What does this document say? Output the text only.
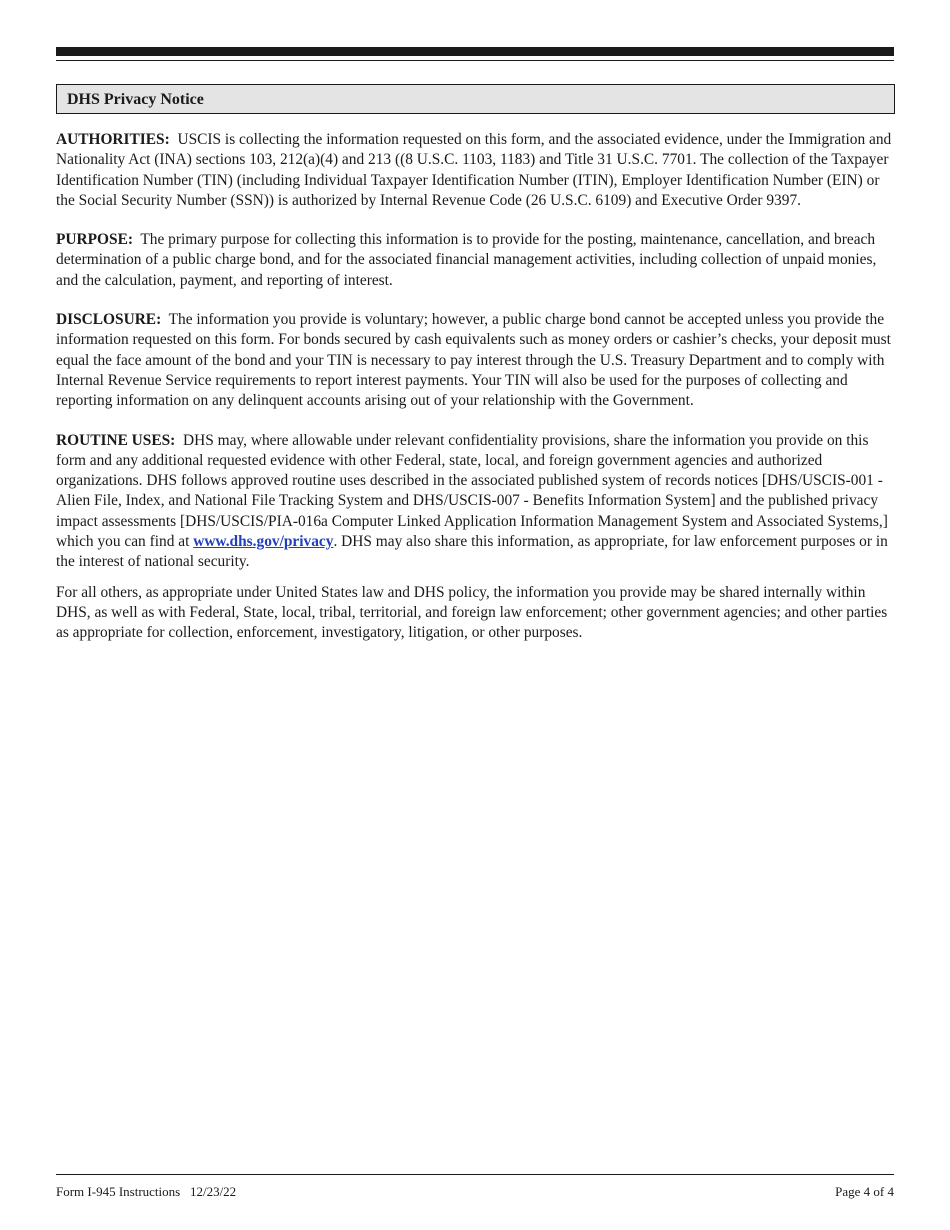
DHS Privacy Notice

AUTHORITIES: USCIS is collecting the information requested on this form, and the associated evidence, under the Immigration and Nationality Act (INA) sections 103, 212(a)(4) and 213 ((8 U.S.C. 1103, 1183) and Title 31 U.S.C. 7701. The collection of the Taxpayer Identification Number (TIN) (including Individual Taxpayer Identification Number (ITIN), Employer Identification Number (EIN) or the Social Security Number (SSN)) is authorized by Internal Revenue Code (26 U.S.C. 6109) and Executive Order 9397.

PURPOSE: The primary purpose for collecting this information is to provide for the posting, maintenance, cancellation, and breach determination of a public charge bond, and for the associated financial management activities, including collection of unpaid monies, and the calculation, payment, and reporting of interest.

DISCLOSURE: The information you provide is voluntary; however, a public charge bond cannot be accepted unless you provide the information requested on this form. For bonds secured by cash equivalents such as money orders or cashier’s checks, your deposit must equal the face amount of the bond and your TIN is necessary to pay interest through the U.S. Treasury Department and to comply with Internal Revenue Service requirements to report interest payments. Your TIN will also be used for the purposes of collecting and reporting information on any delinquent accounts arising out of your relationship with the Government.

ROUTINE USES: DHS may, where allowable under relevant confidentiality provisions, share the information you provide on this form and any additional requested evidence with other Federal, state, local, and foreign government agencies and authorized organizations. DHS follows approved routine uses described in the associated published system of records notices [DHS/USCIS-001 - Alien File, Index, and National File Tracking System and DHS/USCIS-007 - Benefits Information System] and the published privacy impact assessments [DHS/USCIS/PIA-016a Computer Linked Application Information Management System and Associated Systems,] which you can find at www.dhs.gov/privacy. DHS may also share this information, as appropriate, for law enforcement purposes or in the interest of national security.

For all others, as appropriate under United States law and DHS policy, the information you provide may be shared internally within DHS, as well as with Federal, State, local, tribal, territorial, and foreign law enforcement; other government agencies; and other parties as appropriate for collection, enforcement, investigatory, litigation, or other purposes.

Form I-945 Instructions   12/23/22	Page 4 of 4
